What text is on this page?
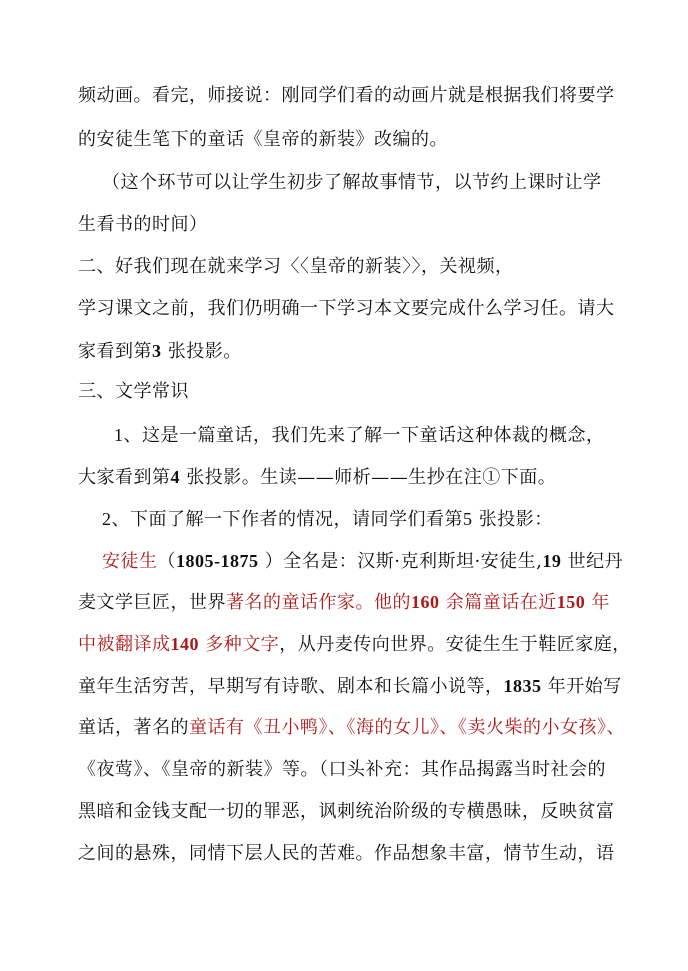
频动画。看完，师接说：刚同学们看的动画片就是根据我们将要学
的安徒生笔下的童话《皇帝的新装》改编的。
（这个环节可以让学生初步了解故事情节，以节约上课时让学
生看书的时间）
二、好我们现在就来学习〈〈皇帝的新装〉〉，关视频，
学习课文之前，我们仍明确一下学习本文要完成什么学习任。请大
家看到第3 张投影。
三、文学常识
1、这是一篇童话，我们先来了解一下童话这种体裁的概念，
大家看到第4 张投影。生读——师析——生抄在注①下面。
2、下面了解一下作者的情况，请同学们看第5 张投影：
安徒生（1805-1875 ）全名是：汉斯·克利斯坦·安徒生,19 世纪丹
麦文学巨匠，世界著名的童话作家。他的160 余篇童话在近150 年
中被翻译成140 多种文字，从丹麦传向世界。安徒生生于鞋匠家庭，
童年生活穷苦，早期写有诗歌、剧本和长篇小说等，1835 年开始写
童话，著名的童话有《丑小鸭》、《海的女儿》、《卖火柴的小女孩》、
《夜莺》、《皇帝的新装》等。（口头补充：其作品揭露当时社会的
黑暗和金钱支配一切的罪恶，讽刺统治阶级的专横愚昧，反映贫富
之间的悬殊，同情下层人民的苦难。作品想象丰富，情节生动，语
